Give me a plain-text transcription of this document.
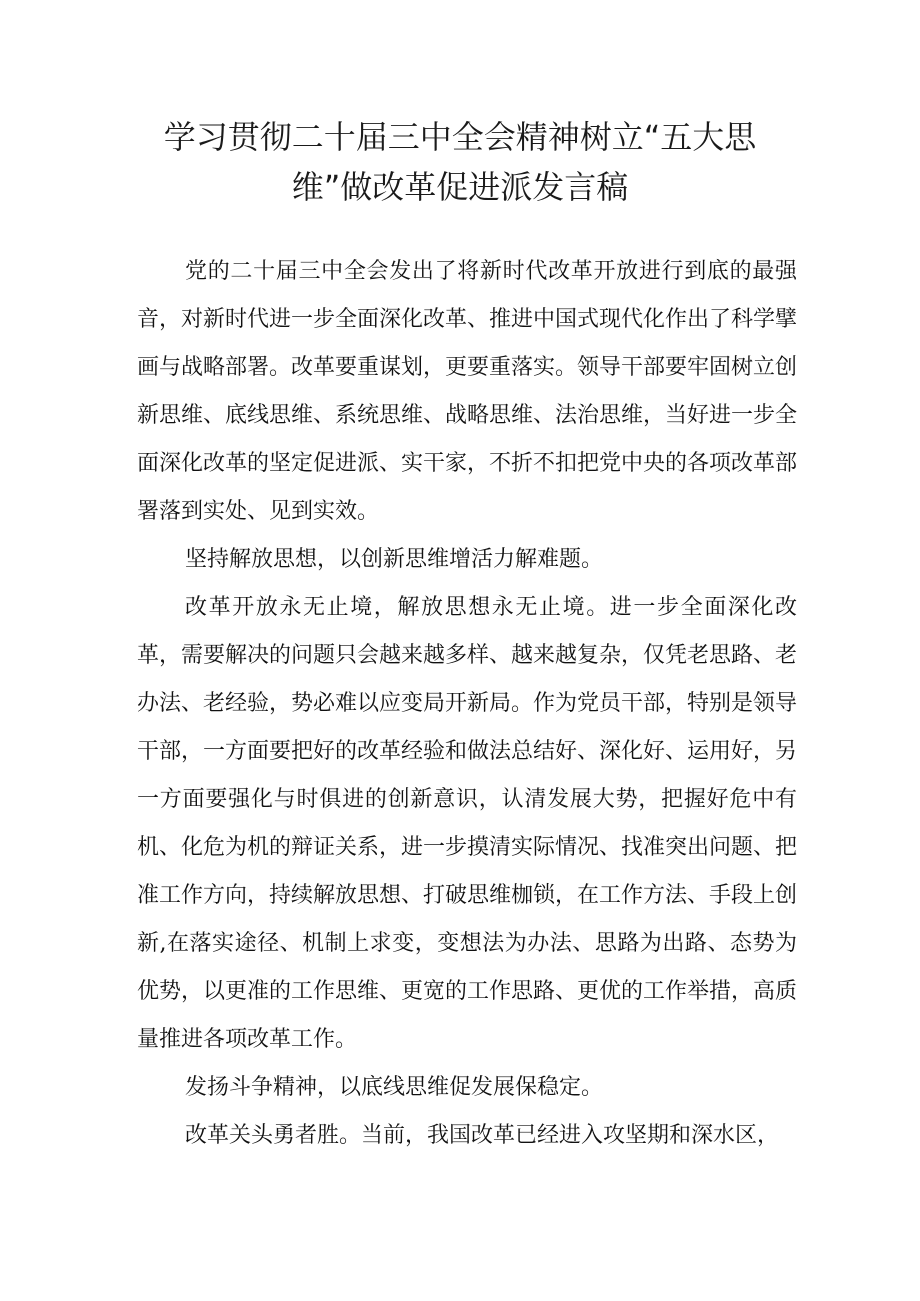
学习贯彻二十届三中全会精神树立“五大思
维”做改革促进派发言稿

党的二十届三中全会发出了将新时代改革开放进行到底的最强音，对新时代进一步全面深化改革、推进中国式现代化作出了科学擘画与战略部署。改革要重谋划，更要重落实。领导干部要牢固树立创新思维、底线思维、系统思维、战略思维、法治思维，当好进一步全面深化改革的坚定促进派、实干家，不折不扣把党中央的各项改革部署落到实处、见到实效。

坚持解放思想，以创新思维增活力解难题。

改革开放永无止境，解放思想永无止境。进一步全面深化改革，需要解决的问题只会越来越多样、越来越复杂，仅凭老思路、老办法、老经验，势必难以应变局开新局。作为党员干部，特别是领导干部，一方面要把好的改革经验和做法总结好、深化好、运用好，另一方面要强化与时俱进的创新意识，认清发展大势，把握好危中有机、化危为机的辩证关系，进一步摸清实际情况、找准突出问题、把准工作方向，持续解放思想、打破思维枷锁，在工作方法、手段上创新,在落实途径、机制上求变，变想法为办法、思路为出路、态势为优势，以更准的工作思维、更宽的工作思路、更优的工作举措，高质量推进各项改革工作。

发扬斗争精神，以底线思维促发展保稳定。

改革关头勇者胜。当前，我国改革已经进入攻坚期和深水区，
